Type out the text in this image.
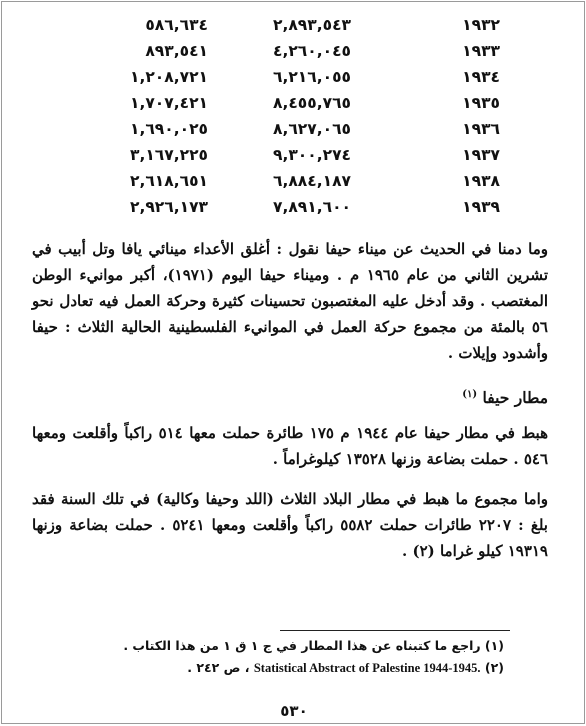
١٩٣٢
٢,٨٩٣,٥٤٣
٥٨٦,٦٣٤
١٩٣٣
٤,٢٦٠,٠٤٥
٨٩٣,٥٤١
١٩٣٤
٦,٢١٦,٠٥٥
١,٢٠٨,٧٢١
١٩٣٥
٨,٤٥٥,٧٦٥
١,٧٠٧,٤٢١
١٩٣٦
٨,٦٢٧,٠٦٥
١,٦٩٠,٠٢٥
١٩٣٧
٩,٣٠٠,٢٧٤
٣,١٦٧,٢٢٥
١٩٣٨
٦,٨٨٤,١٨٧
٢,٦١٨,٦٥١
١٩٣٩
٧,٨٩١,٦٠٠
٢,٩٢٦,١٧٣

وما دمنا في الحديث عن ميناء حيفا نقول : أغلق الأعداء مينائي يافا وتل أبيب في تشرين الثاني من عام ١٩٦٥ م . وميناء حيفا اليوم (١٩٧١)، أكبر موانيء الوطن المغتصب . وقد أدخل عليه المغتصبون تحسينات كثيرة وحركة العمل فيه تعادل نحو ٥٦ بالمئة من مجموع حركة العمل في الموانيء الفلسطينية الحالية الثلاث : حيفا وأشدود وإيلات .

مطار حيفا $^{(١)}$

هبط في مطار حيفا عام ١٩٤٤ م ١٧٥ طائرة حملت معها ٥١٤ راكباً وأقلعت ومعها ٥٤٦ . حملت بضاعة وزنها ١٣٥٢٨ كيلوغراماً .

واما مجموع ما هبط في مطار البلاد الثلاث (اللد وحيفا وكالية) في تلك السنة فقد بلغ : ٢٢٠٧ طائرات حملت ٥٥٨٢ راكباً وأقلعت ومعها ٥٢٤١ . حملت بضاعة وزنها ١٩٣١٩ كيلو غراما (٢) .

(١) راجع ما كتبناه عن هذا المطار في ج ١ ق ١ من هذا الكتاب .
(٢) Statistical Abstract of Palestine 1944-1945. ، ص ٢٤٢ .
٥٣٠
